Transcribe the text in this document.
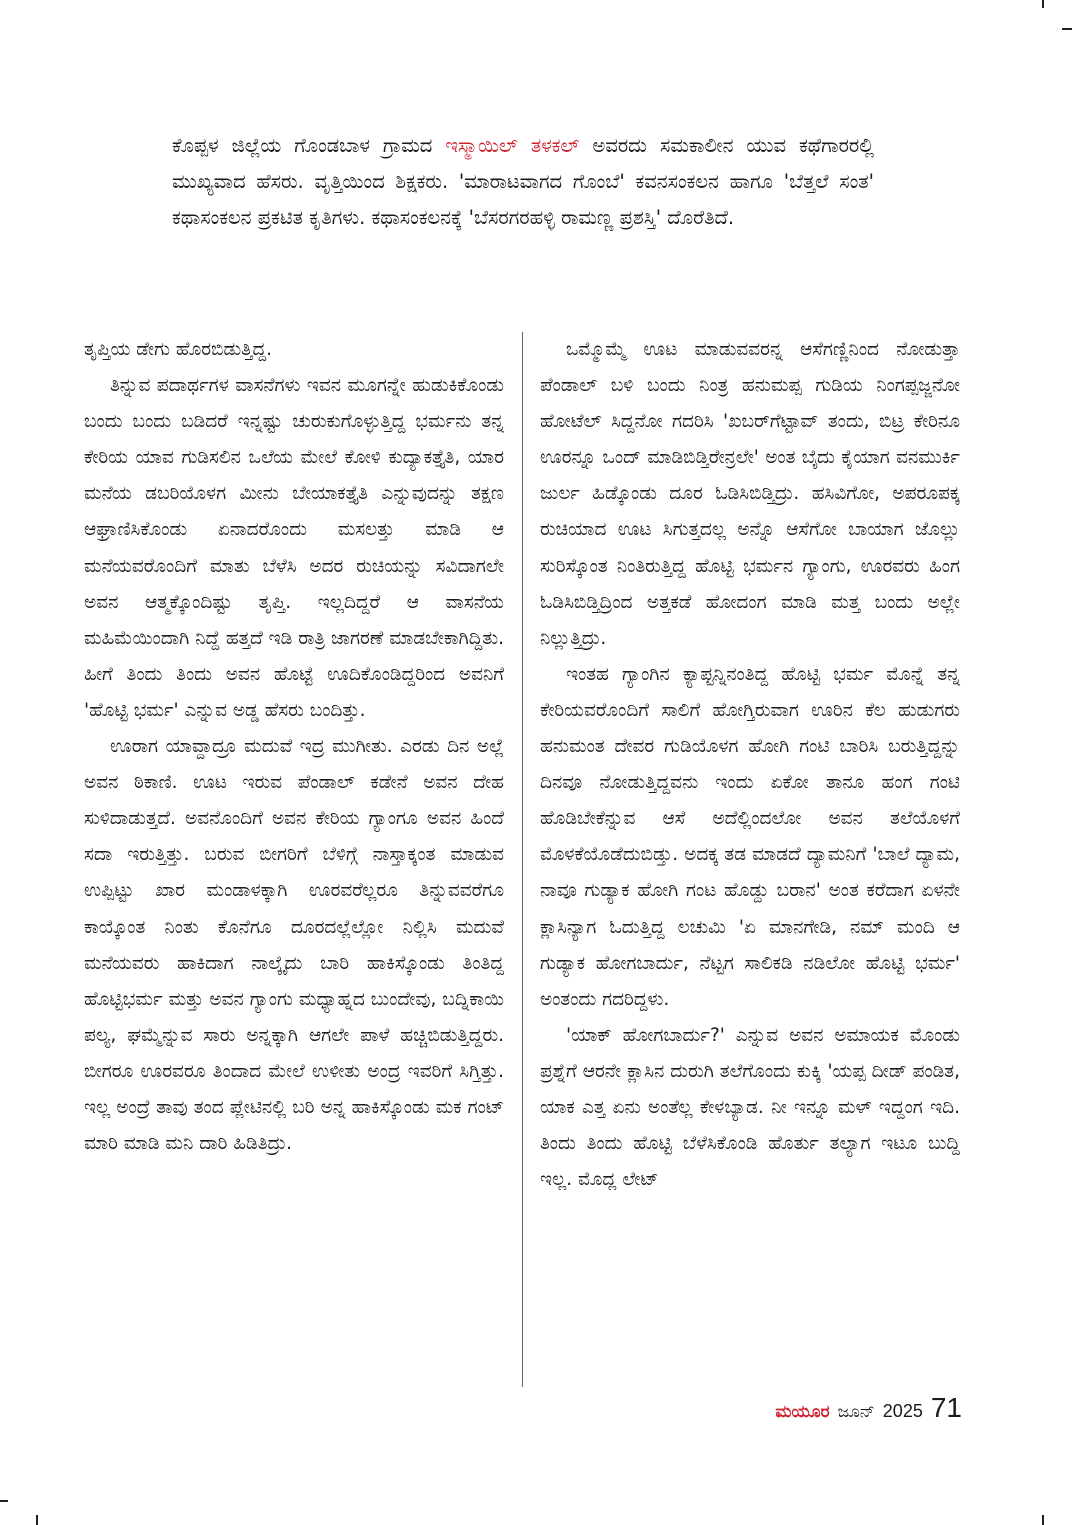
ಕೊಪ್ಪಳ ಜಿಲ್ಲೆಯ ಗೊಂಡಬಾಳ ಗ್ರಾಮದ ಇಸ್ಮಾಯಿಲ್ ತಳಕಲ್ ಅವರದು ಸಮಕಾಲೀನ ಯುವ ಕಥೆಗಾರರಲ್ಲಿ ಮುಖ್ಯವಾದ ಹೆಸರು. ವೃತ್ತಿಯಿಂದ ಶಿಕ್ಷಕರು. 'ಮಾರಾಟವಾಗದ ಗೊಂಬೆ' ಕವನಸಂಕಲನ ಹಾಗೂ 'ಬೆತ್ತಲೆ ಸಂತ' ಕಥಾಸಂಕಲನ ಪ್ರಕಟಿತ ಕೃತಿಗಳು. ಕಥಾಸಂಕಲನಕ್ಕೆ 'ಬೆಸರಗರಹಳ್ಳಿ ರಾಮಣ್ಣ ಪ್ರಶಸ್ತಿ' ದೊರೆತಿದೆ.

ತೃಪ್ತಿಯ ಡೇಗು ಹೊರಬಿಡುತ್ತಿದ್ದ.

ತಿನ್ನುವ ಪದಾರ್ಥಗಳ ವಾಸನೆಗಳು ಇವನ ಮೂಗನ್ನೇ ಹುಡುಕಿಕೊಂಡು ಬಂದು ಬಂದು ಬಡಿದರೆ ಇನ್ನಷ್ಟು ಚುರುಕುಗೊಳ್ಳುತ್ತಿದ್ದ ಭರ್ಮನು ತನ್ನ ಕೇರಿಯ ಯಾವ ಗುಡಿಸಲಿನ ಒಲೆಯ ಮೇಲೆ ಕೋಳಿ ಕುದ್ಯಾಕತ್ತೈತಿ, ಯಾರ ಮನೆಯ ಡಬರಿಯೊಳಗ ಮೀನು ಬೇಯಾಕತ್ತೈತಿ ಎನ್ನುವುದನ್ನು ತಕ್ಷಣ ಆಘ್ರಾಣಿಸಿಕೊಂಡು ಏನಾದರೊಂದು ಮಸಲತ್ತು ಮಾಡಿ ಆ ಮನೆಯವರೊಂದಿಗೆ ಮಾತು ಬೆಳೆಸಿ ಅದರ ರುಚಿಯನ್ನು ಸವಿದಾಗಲೇ ಅವನ ಆತ್ಮಕ್ಕೊಂದಿಷ್ಟು ತೃಪ್ತಿ. ಇಲ್ಲದಿದ್ದರೆ ಆ ವಾಸನೆಯ ಮಹಿಮೆಯಿಂದಾಗಿ ನಿದ್ದೆ ಹತ್ತದೆ ಇಡಿ ರಾತ್ರಿ ಜಾಗರಣೆ ಮಾಡಬೇಕಾಗಿದ್ದಿತು. ಹೀಗೆ ತಿಂದು ತಿಂದು ಅವನ ಹೊಟ್ಟೆ ಊದಿಕೊಂಡಿದ್ದರಿಂದ ಅವನಿಗೆ 'ಹೊಟ್ಟಿ ಭರ್ಮ' ಎನ್ನುವ ಅಡ್ಡ ಹೆಸರು ಬಂದಿತ್ತು.

ಊರಾಗ ಯಾವ್ದಾದ್ರೂ ಮದುವೆ ಇದ್ರ ಮುಗೀತು. ಎರಡು ದಿನ ಅಲ್ಲೆ ಅವನ ಠಿಕಾಣಿ. ಊಟ ಇರುವ ಪೆಂಡಾಲ್ ಕಡೇನೆ ಅವನ ದೇಹ ಸುಳಿದಾಡುತ್ತದೆ. ಅವನೊಂದಿಗೆ ಅವನ ಕೇರಿಯ ಗ್ಯಾಂಗೂ ಅವನ ಹಿಂದೆ ಸದಾ ಇರುತ್ತಿತ್ತು. ಬರುವ ಬೀಗರಿಗೆ ಬೆಳಿಗ್ಗೆ ನಾಸ್ತಾಕ್ಕಂತ ಮಾಡುವ ಉಪ್ಪಿಟ್ಟು ಖಾರ ಮಂಡಾಳಕ್ಕಾಗಿ ಊರವರೆಲ್ಲರೂ ತಿನ್ನುವವರೆಗೂ ಕಾಯ್ಕೊಂತ ನಿಂತು ಕೊನೆಗೂ ದೂರದಲ್ಲೆಲ್ಲೋ ನಿಲ್ಲಿಸಿ ಮದುವೆ ಮನೆಯವರು ಹಾಕಿದಾಗ ನಾಲ್ಕೈದು ಬಾರಿ ಹಾಕಿಸ್ಕೊಂಡು ತಿಂತಿದ್ದ ಹೊಟ್ಟಿಭರ್ಮ ಮತ್ತು ಅವನ ಗ್ಯಾಂಗು ಮಧ್ಯಾಹ್ನದ ಬುಂದೇವು, ಬದ್ನಿಕಾಯಿ ಪಲ್ಯ, ಘಮ್ಮೆನ್ನುವ ಸಾರು ಅನ್ನಕ್ಕಾಗಿ ಆಗಲೇ ಪಾಳೆ ಹಚ್ಚಿಬಿಡುತ್ತಿದ್ದರು. ಬೀಗರೂ ಊರವರೂ ತಿಂದಾದ ಮೇಲೆ ಉಳೀತು ಅಂದ್ರ ಇವರಿಗೆ ಸಿಗ್ತಿತ್ತು. ಇಲ್ಲ ಅಂದ್ರೆ ತಾವು ತಂದ ಪ್ಲೇಟಿನಲ್ಲಿ ಬರಿ ಅನ್ನ ಹಾಕಿಸ್ಕೊಂಡು ಮಕ ಗಂಟ್ ಮಾರಿ ಮಾಡಿ ಮನಿ ದಾರಿ ಹಿಡಿತಿದ್ರು.

ಒಮ್ಮೊಮ್ಮೆ ಊಟ ಮಾಡುವವರನ್ನ ಆಸೆಗಣ್ಣಿನಿಂದ ನೋಡುತ್ತಾ ಪೆಂಡಾಲ್ ಬಳಿ ಬಂದು ನಿಂತ್ರ ಹನುಮಪ್ಪ ಗುಡಿಯ ನಿಂಗಪ್ಪಜ್ಜನೋ ಹೋಟೆಲ್ ಸಿದ್ದನೋ ಗದರಿಸಿ 'ಖಬರ್‌ಗೆಟ್ಟಾವ್ ತಂದು, ಬಿಟ್ರ ಕೇರಿನೂ ಊರನ್ನೂ ಒಂದ್ ಮಾಡಿಬಿಡ್ತಿರೇನ್ರಲೇ' ಅಂತ ಬೈದು ಕೈಯಾಗ ವನಮುರ್ಕಿ ಜುರ್ಲ ಹಿಡ್ಕೊಂಡು ದೂರ ಓಡಿಸಿಬಿಡ್ತಿದ್ರು. ಹಸಿವಿಗೋ, ಅಪರೂಪಕ್ಕ ರುಚಿಯಾದ ಊಟ ಸಿಗುತ್ತದಲ್ಲ ಅನ್ನೊ ಆಸೆಗೋ ಬಾಯಾಗ ಜೊಲ್ಲು ಸುರಿಸ್ಕೊಂತ ನಿಂತಿರುತ್ತಿದ್ದ ಹೊಟ್ಟಿ ಭರ್ಮನ ಗ್ಯಾಂಗು, ಊರವರು ಹಿಂಗ ಓಡಿಸಿಬಿಡ್ತಿದ್ರಿಂದ ಅತ್ತಕಡೆ ಹೋದಂಗ ಮಾಡಿ ಮತ್ತ ಬಂದು ಅಲ್ಲೇ ನಿಲ್ಲುತ್ತಿದ್ರು.

ಇಂತಹ ಗ್ಯಾಂಗಿನ ಕ್ಯಾಪ್ಟನ್ನಿನಂತಿದ್ದ ಹೊಟ್ಟಿ ಭರ್ಮ ಮೊನ್ನೆ ತನ್ನ ಕೇರಿಯವರೊಂದಿಗೆ ಸಾಲಿಗೆ ಹೋಗ್ತಿರುವಾಗ ಊರಿನ ಕೆಲ ಹುಡುಗರು ಹನುಮಂತ ದೇವರ ಗುಡಿಯೊಳಗ ಹೋಗಿ ಗಂಟಿ ಬಾರಿಸಿ ಬರುತ್ತಿದ್ದನ್ನು ದಿನವೂ ನೋಡುತ್ತಿದ್ದವನು ಇಂದು ಏಕೋ ತಾನೂ ಹಂಗ ಗಂಟಿ ಹೊಡಿಬೇಕೆನ್ನುವ ಆಸೆ ಅದೆಲ್ಲಿಂದಲೋ ಅವನ ತಲೆಯೊಳಗೆ ಮೊಳಕೆಯೊಡೆದುಬಿಡ್ತು. ಅದಕ್ಕ ತಡ ಮಾಡದೆ ದ್ಯಾಮನಿಗೆ 'ಬಾಲೆ ದ್ಯಾಮ, ನಾವೂ ಗುಡ್ಯಾಕ ಹೋಗಿ ಗಂಟ ಹೊಡ್ದು ಬರಾನ' ಅಂತ ಕರೆದಾಗ ಏಳನೇ ಕ್ಲಾಸಿನ್ಯಾಗ ಓದುತ್ತಿದ್ದ ಲಚುಮಿ 'ಏ ಮಾನಗೇಡಿ, ನಮ್ ಮಂದಿ ಆ ಗುಡ್ಯಾಕ ಹೋಗಬಾರ್ದು, ನೆಟ್ಟಗ ಸಾಲಿಕಡಿ ನಡಿಲೋ ಹೊಟ್ಟಿ ಭರ್ಮ' ಅಂತಂದು ಗದರಿದ್ದಳು.

'ಯಾಕ್ ಹೋಗಬಾರ್ದು?' ಎನ್ನುವ ಅವನ ಅಮಾಯಕ ಮೊಂಡು ಪ್ರಶ್ನೆಗೆ ಆರನೇ ಕ್ಲಾಸಿನ ದುರುಗಿ ತಲೆಗೊಂದು ಕುಕ್ಕಿ 'ಯಪ್ಪ ದೀಡ್ ಪಂಡಿತ, ಯಾಕ ಎತ್ತ ಏನು ಅಂತೆಲ್ಲ ಕೇಳಬ್ಯಾಡ. ನೀ ಇನ್ನೂ ಮಳ್ ಇದ್ದಂಗ ಇದಿ. ತಿಂದು ತಿಂದು ಹೊಟ್ಟಿ ಬೆಳೆಸಿಕೊಂಡಿ ಹೊರ್ತು ತಲ್ಯಾಗ ಇಟೂ ಬುದ್ದಿ ಇಲ್ಲ. ಮೊದ್ಲ ಲೇಟ್

ಮಯೂರ ಜೂನ್ 2025 71
